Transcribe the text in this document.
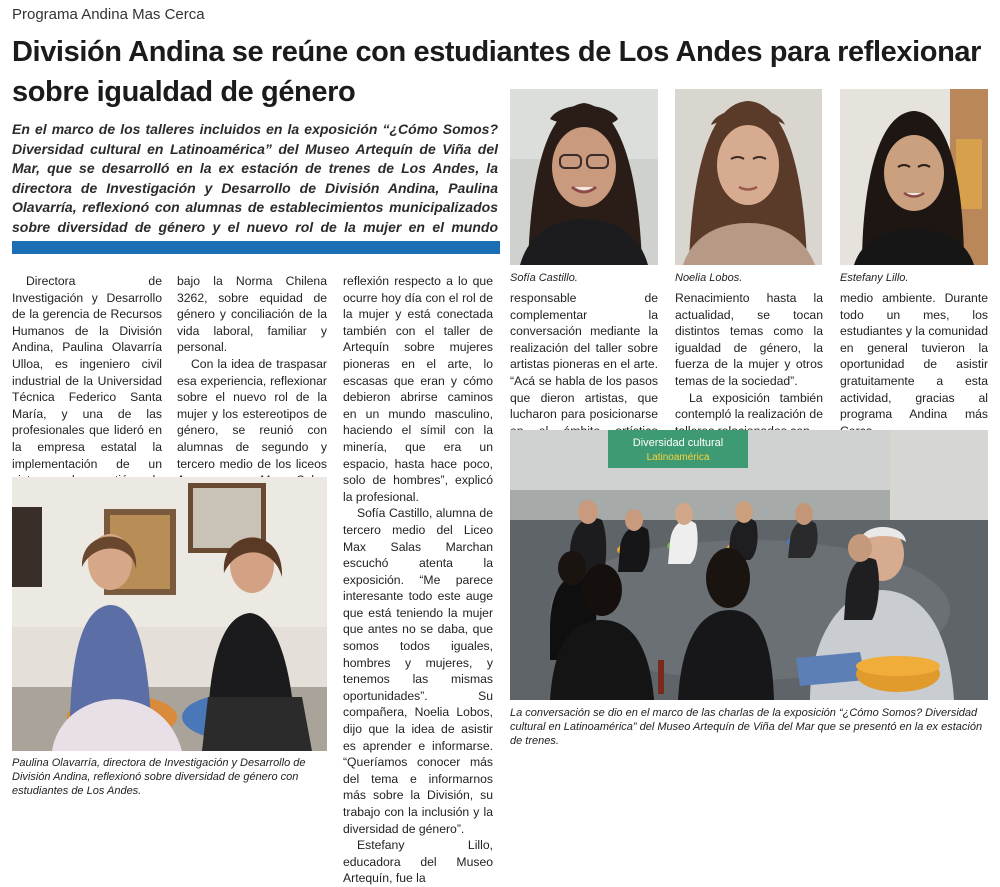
Programa Andina Mas Cerca
División Andina se reúne con estudiantes de Los Andes para reflexionar sobre igualdad de género
En el marco de los talleres incluidos en la exposición “¿Cómo Somos? Diversidad cultural en Latinoamérica” del Museo Artequín de Viña del Mar, que se desarrolló en la ex estación de trenes de Los Andes, la directora de Investigación y Desarrollo de División Andina, Paulina Olavarría, reflexionó con alumnas de establecimientos municipalizados sobre diversidad de género y el nuevo rol de la mujer en el mundo
Sofía Castillo.	Noelia Lobos.	Estefany Lillo.

Directora de Investigación y Desarrollo de la gerencia de Recursos Humanos de la División Andina, Paulina Olavarría Ulloa, es ingeniero civil industrial de la Universidad Técnica Federico Santa María, y una de las profesionales que lideró en la empresa estatal la implementación de un

bajo la Norma Chilena 3262, sobre equidad de género y conciliación de la vida laboral, familiar y personal.

Con la idea de traspasar esa experiencia, reflexionar sobre el nuevo rol de la mujer y los estereotipos de género, se reunió con alumnas de segundo y tercero medio de los liceos

reflexión respecto a lo que ocurre hoy día con el rol de la mujer y está conectada también con el taller de Artequín sobre mujeres pioneras en el arte, lo escasas que eran y cómo debieron abrirse caminos en un mundo masculino, haciendo el símil con la minería, que era un espacio, hasta hace poco, solo de hombres”, explicó la profesional.

Sofía Castillo, alumna de tercero medio del Liceo Max Salas Marchan escuchó atenta la exposición. “Me parece interesante todo este auge que está teniendo la mujer que antes no se daba, que somos todos iguales, hombres y mujeres, y tenemos las mismas oportunidades”. Su compañera, Noelia Lobos, dijo que la idea de asistir es aprender e informarse. “Queríamos conocer más del tema e informarnos más sobre la División, su trabajo con la inclusión y la diversidad de género”.

Estefany Lillo, educadora del Museo Artequín, fue la

responsable de complementar la conversación mediante la realización del taller sobre artistas pioneras en el arte. “Acá se habla de los pasos que dieron artistas, que lucharon para posicionarse

Renacimiento hasta la actualidad, se tocan distintos temas como la igualdad de género, la fuerza de la mujer y otros temas de la sociedad”.

La exposición también contempló la realización de

medio ambiente. Durante todo un mes, los estudiantes y la comunidad en general tuvieron la oportunidad de asistir gratuitamente a esta actividad, gracias al programa Andina más

Paulina Olavarría, directora de Investigación y Desarrollo de División Andina, reflexionó sobre diversidad de género con estudiantes de Los Andes.
Diversidad cultural
Latinoamérica
La conversación se dio en el marco de las charlas de la exposición “¿Cómo Somos? Diversidad cultural en Latinoamérica” del Museo Artequín de Viña del Mar que se presentó en la ex estación de trenes.
